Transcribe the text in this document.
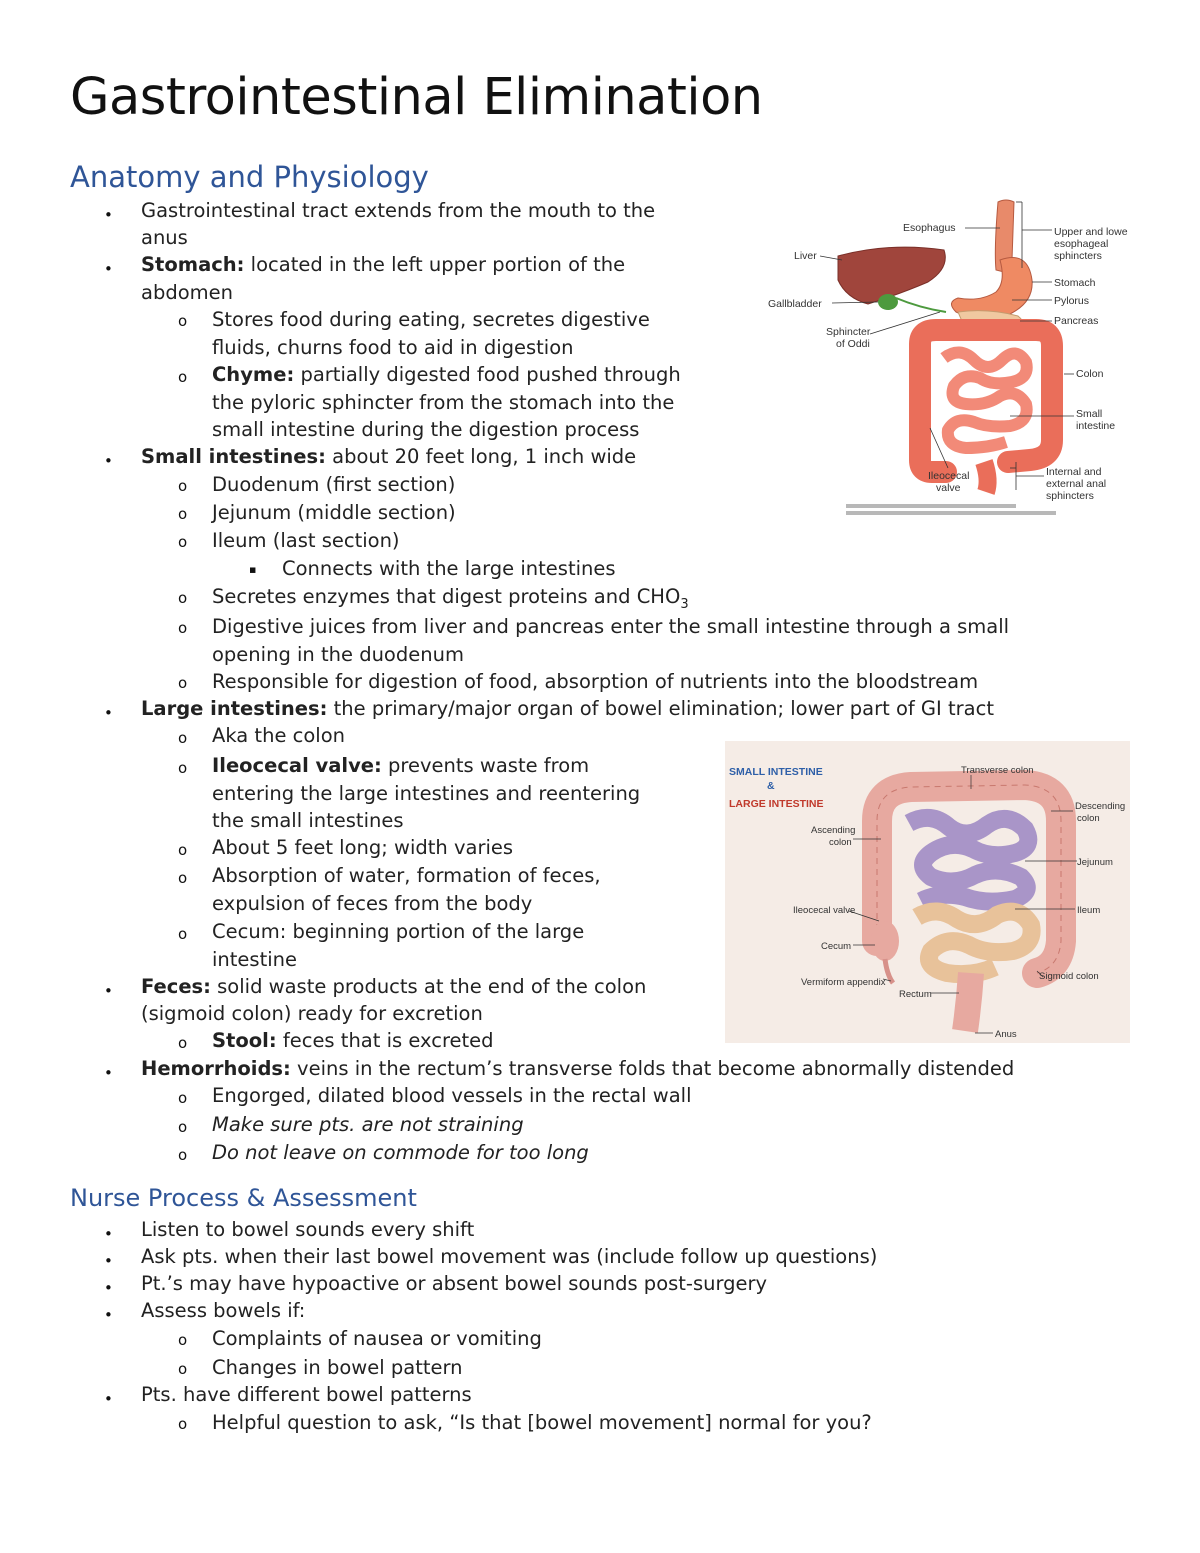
Gastrointestinal Elimination
Anatomy and Physiology
• Gastrointestinal tract extends from the mouth to the
anus
• Stomach: located in the left upper portion of the
abdomen
o Stores food during eating, secretes digestive
fluids, churns food to aid in digestion
o Chyme: partially digested food pushed through
the pyloric sphincter from the stomach into the
small intestine during the digestion process
• Small intestines: about 20 feet long, 1 inch wide
o Duodenum (first section)
o Jejunum (middle section)
o Ileum (last section)
▪ Connects with the large intestines
o Secretes enzymes that digest proteins and $CHO_3$
o Digestive juices from liver and pancreas enter the small intestine through a small
opening in the duodenum
o Responsible for digestion of food, absorption of nutrients into the bloodstream
• Large intestines: the primary/major organ of bowel elimination; lower part of GI tract
o Aka the colon
o Ileocecal valve: prevents waste from
entering the large intestines and reentering
the small intestines
o About 5 feet long; width varies
o Absorption of water, formation of feces,
expulsion of feces from the body
o Cecum: beginning portion of the large
intestine
• Feces: solid waste products at the end of the colon
(sigmoid colon) ready for excretion
o Stool: feces that is excreted
• Hemorrhoids: veins in the rectum’s transverse folds that become abnormally distended
o Engorged, dilated blood vessels in the rectal wall
o Make sure pts. are not straining
o Do not leave on commode for too long
Nurse Process & Assessment
• Listen to bowel sounds every shift
• Ask pts. when their last bowel movement was (include follow up questions)
• Pt.’s may have hypoactive or absent bowel sounds post-surgery
• Assess bowels if:
o Complaints of nausea or vomiting
o Changes in bowel pattern
• Pts. have different bowel patterns
o Helpful question to ask, “Is that [bowel movement] normal for you?
Esophagus
Liver
Gallbladder
Sphincter
of Oddi
Ileocecal
valve
Upper and lowe
esophageal
sphincters
Stomach
Pylorus
Pancreas
Colon
Small
intestine
Internal and
external anal
sphincters
SMALL INTESTINE
&
LARGE INTESTINE
Transverse colon
Descending
colon
Ascending
colon
Jejunum
Ileocecal valve	Ileum
Cecum
Sigmoid colon
Vermiform appendix
Rectum
Anus
